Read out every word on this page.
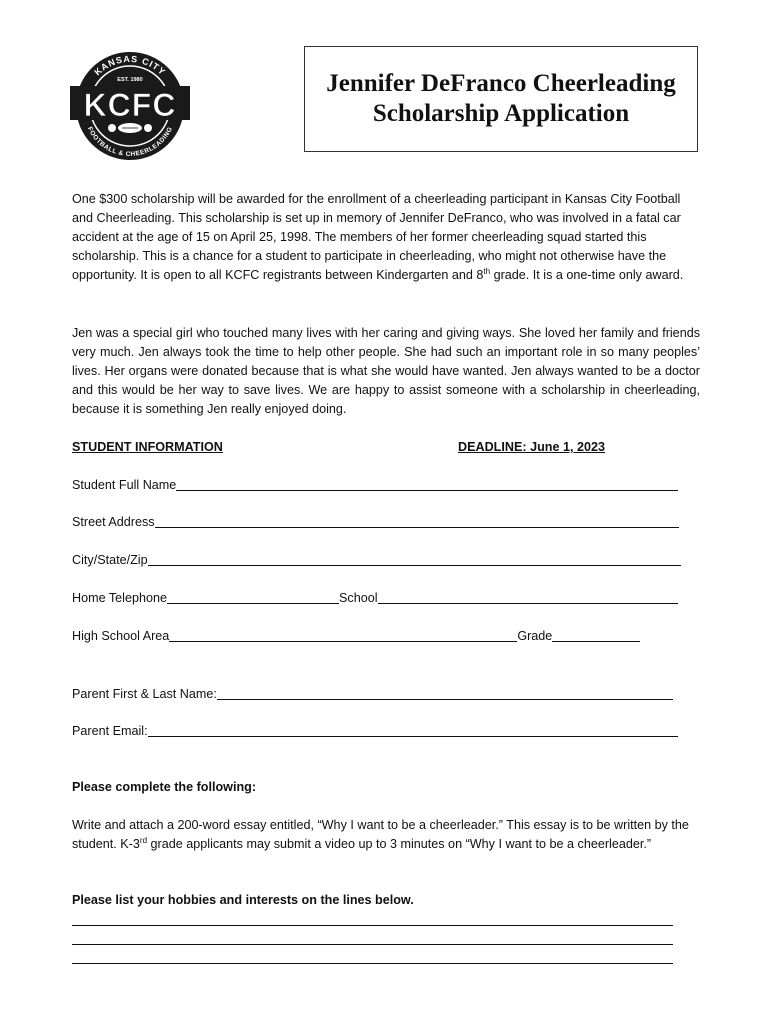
KANSAS CITY
EST. 1980
KCFC
FOOTBALL & CHEERLEADING
Jennifer DeFranco Cheerleading
Scholarship Application

One $300 scholarship will be awarded for the enrollment of a cheerleading participant in Kansas City Football and Cheerleading. This scholarship is set up in memory of Jennifer DeFranco, who was involved in a fatal car accident at the age of 15 on April 25, 1998. The members of her former cheerleading squad started this scholarship. This is a chance for a student to participate in cheerleading, who might not otherwise have the opportunity. It is open to all KCFC registrants between Kindergarten and 8th grade. It is a one-time only award.

Jen was a special girl who touched many lives with her caring and giving ways. She loved her family and friends very much. Jen always took the time to help other people. She had such an important role in so many peoples’ lives. Her organs were donated because that is what she would have wanted. Jen always wanted to be a doctor and this would be her way to save lives. We are happy to assist someone with a scholarship in cheerleading, because it is something Jen really enjoyed doing.

STUDENT INFORMATION	DEADLINE: June 1, 2023
Student Full Name
Street Address
City/State/Zip
Home Telephone	School
High School Area	Grade
Parent First & Last Name:
Parent Email:

Please complete the following:

Write and attach a 200-word essay entitled, “Why I want to be a cheerleader.” This essay is to be written by the student. K-3rd grade applicants may submit a video up to 3 minutes on “Why I want to be a cheerleader.”

Please list your hobbies and interests on the lines below.
